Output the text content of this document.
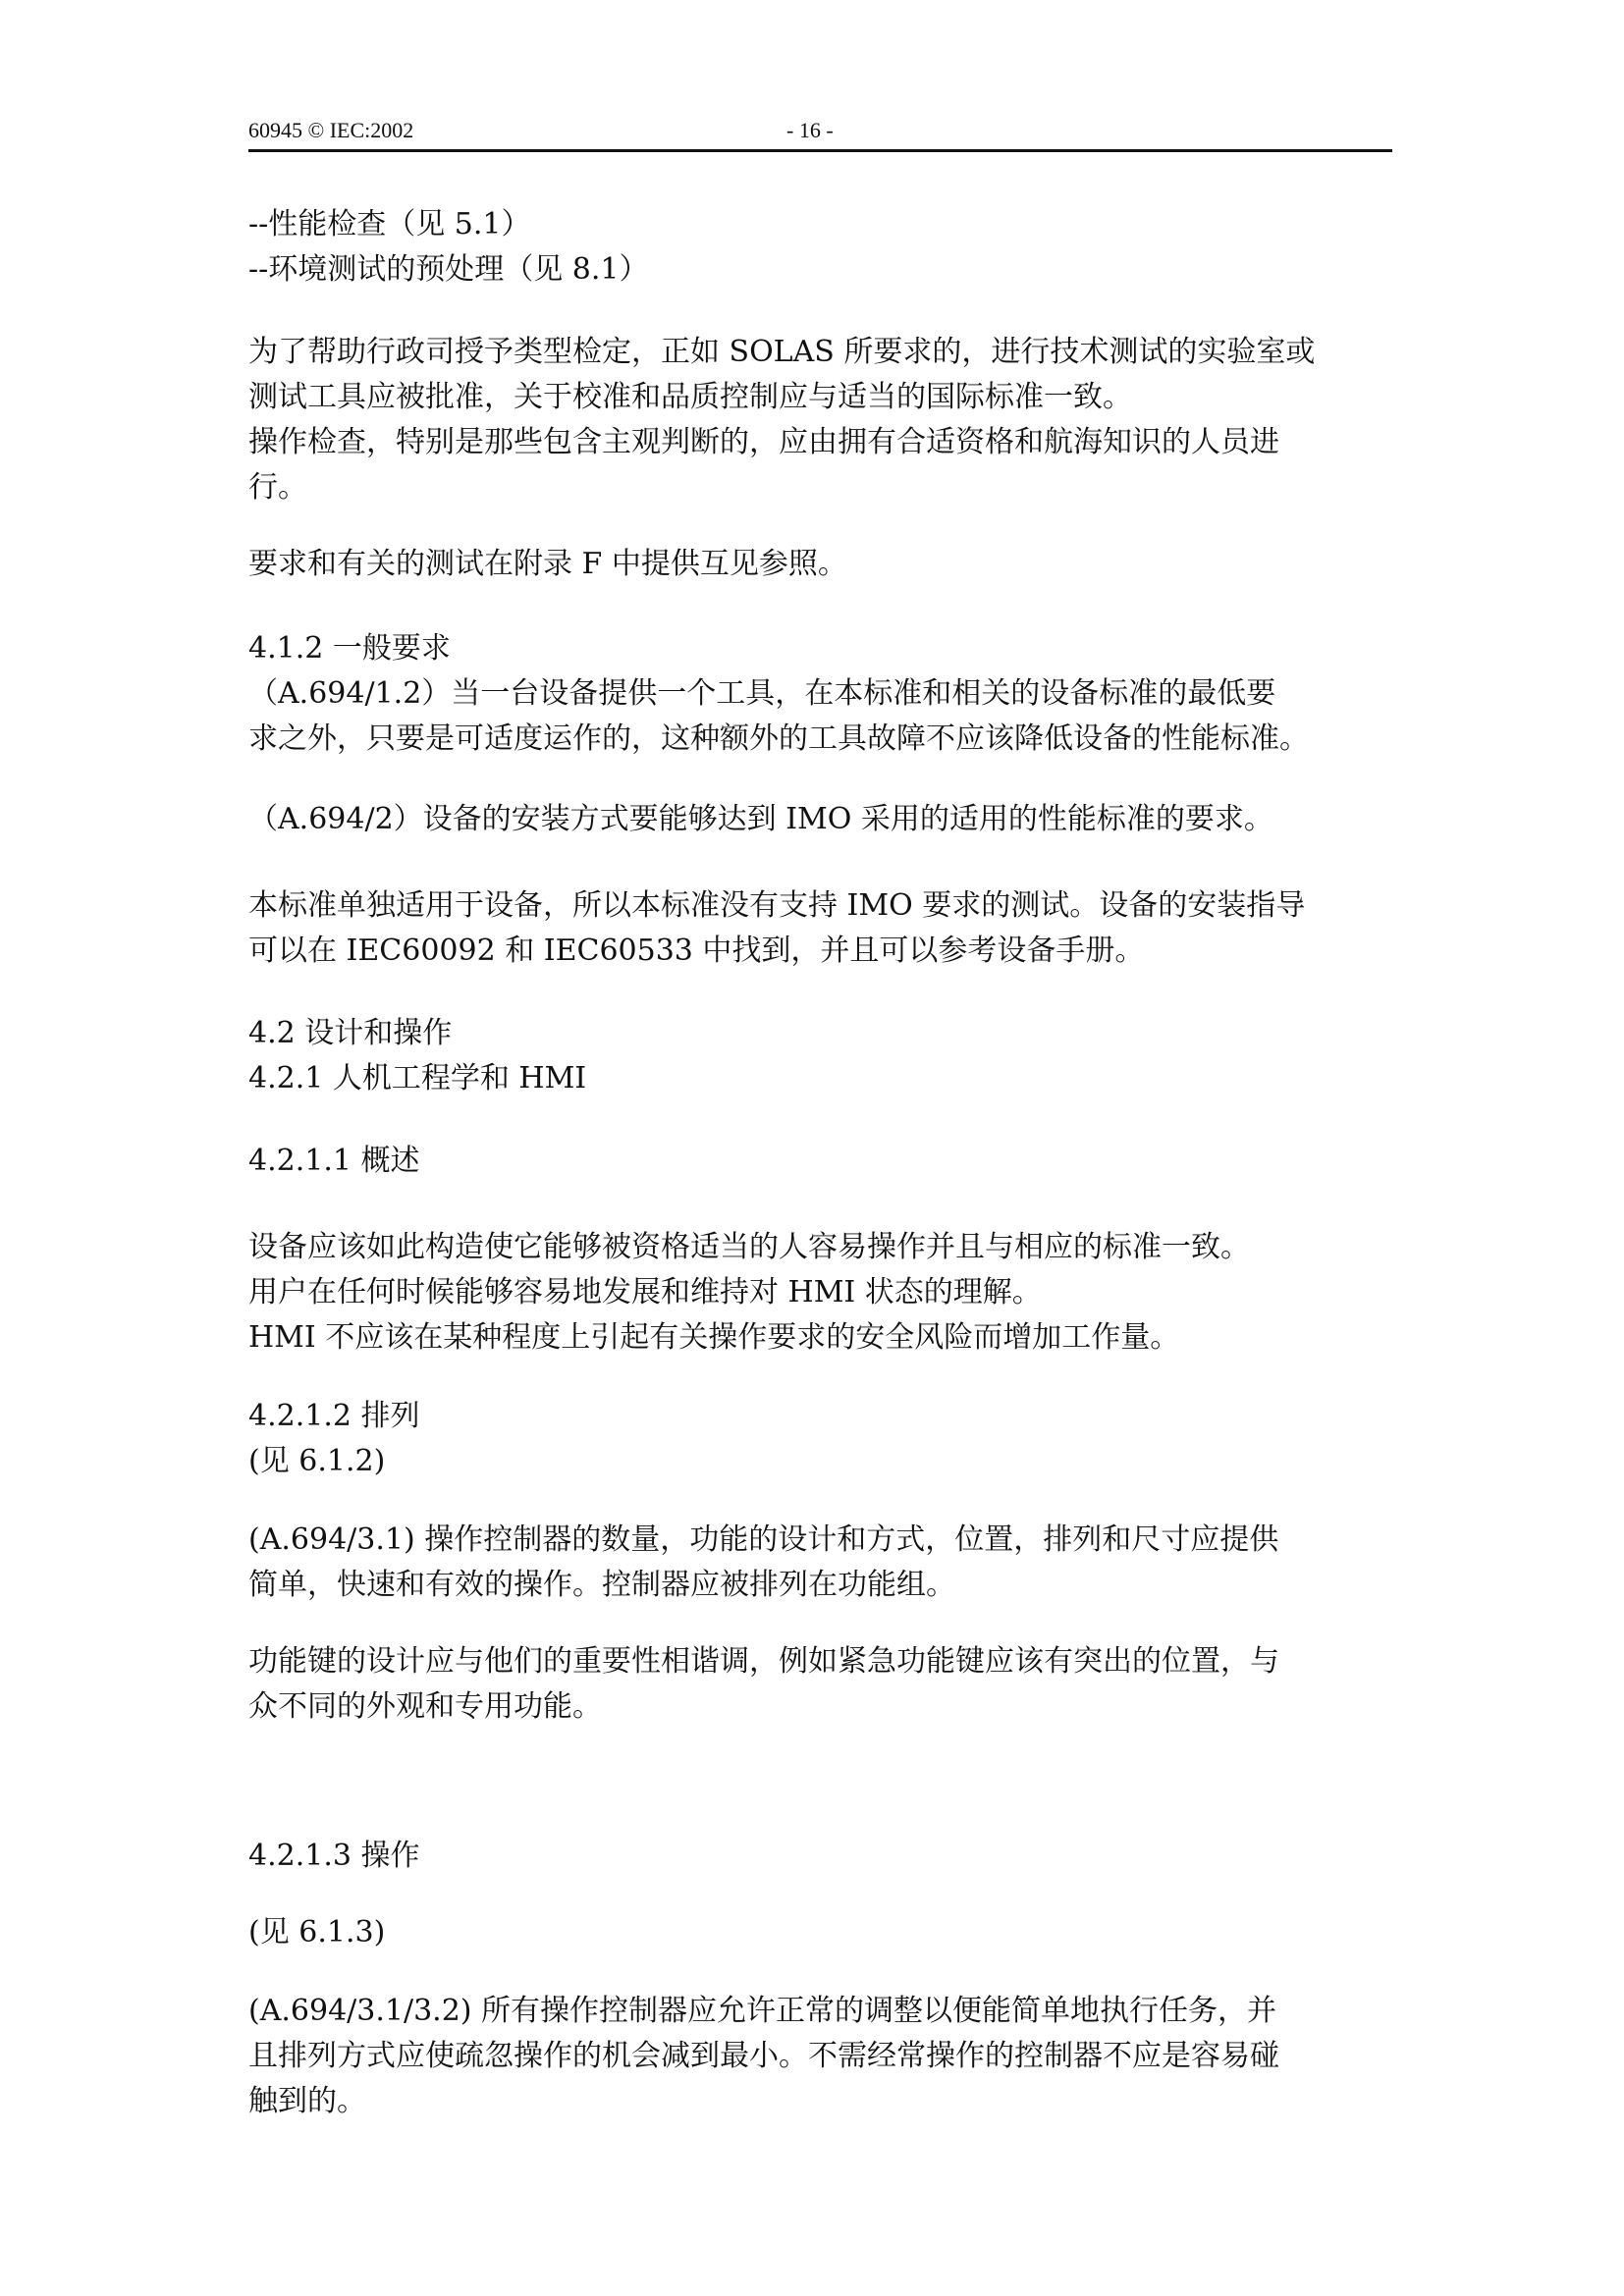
60945 © IEC:2002	- 16 -
--性能检查（见 5.1）
--环境测试的预处理（见 8.1）
为了帮助行政司授予类型检定，正如 SOLAS 所要求的，进行技术测试的实验室或
测试工具应被批准，关于校准和品质控制应与适当的国际标准一致。
操作检查，特别是那些包含主观判断的，应由拥有合适资格和航海知识的人员进
行。
要求和有关的测试在附录 F 中提供互见参照。
4.1.2 一般要求
（A.694/1.2）当一台设备提供一个工具，在本标准和相关的设备标准的最低要
求之外，只要是可适度运作的，这种额外的工具故障不应该降低设备的性能标准。
（A.694/2）设备的安装方式要能够达到 IMO 采用的适用的性能标准的要求。
本标准单独适用于设备，所以本标准没有支持 IMO 要求的测试。设备的安装指导
可以在 IEC60092 和 IEC60533 中找到，并且可以参考设备手册。
4.2 设计和操作
4.2.1 人机工程学和 HMI
4.2.1.1 概述
设备应该如此构造使它能够被资格适当的人容易操作并且与相应的标准一致。
用户在任何时候能够容易地发展和维持对 HMI 状态的理解。
HMI 不应该在某种程度上引起有关操作要求的安全风险而增加工作量。
4.2.1.2 排列
(见 6.1.2)
(A.694/3.1) 操作控制器的数量，功能的设计和方式，位置，排列和尺寸应提供
简单，快速和有效的操作。控制器应被排列在功能组。
功能键的设计应与他们的重要性相谐调，例如紧急功能键应该有突出的位置，与
众不同的外观和专用功能。
4.2.1.3 操作
(见 6.1.3)
(A.694/3.1/3.2) 所有操作控制器应允许正常的调整以便能简单地执行任务，并
且排列方式应使疏忽操作的机会减到最小。不需经常操作的控制器不应是容易碰
触到的。
